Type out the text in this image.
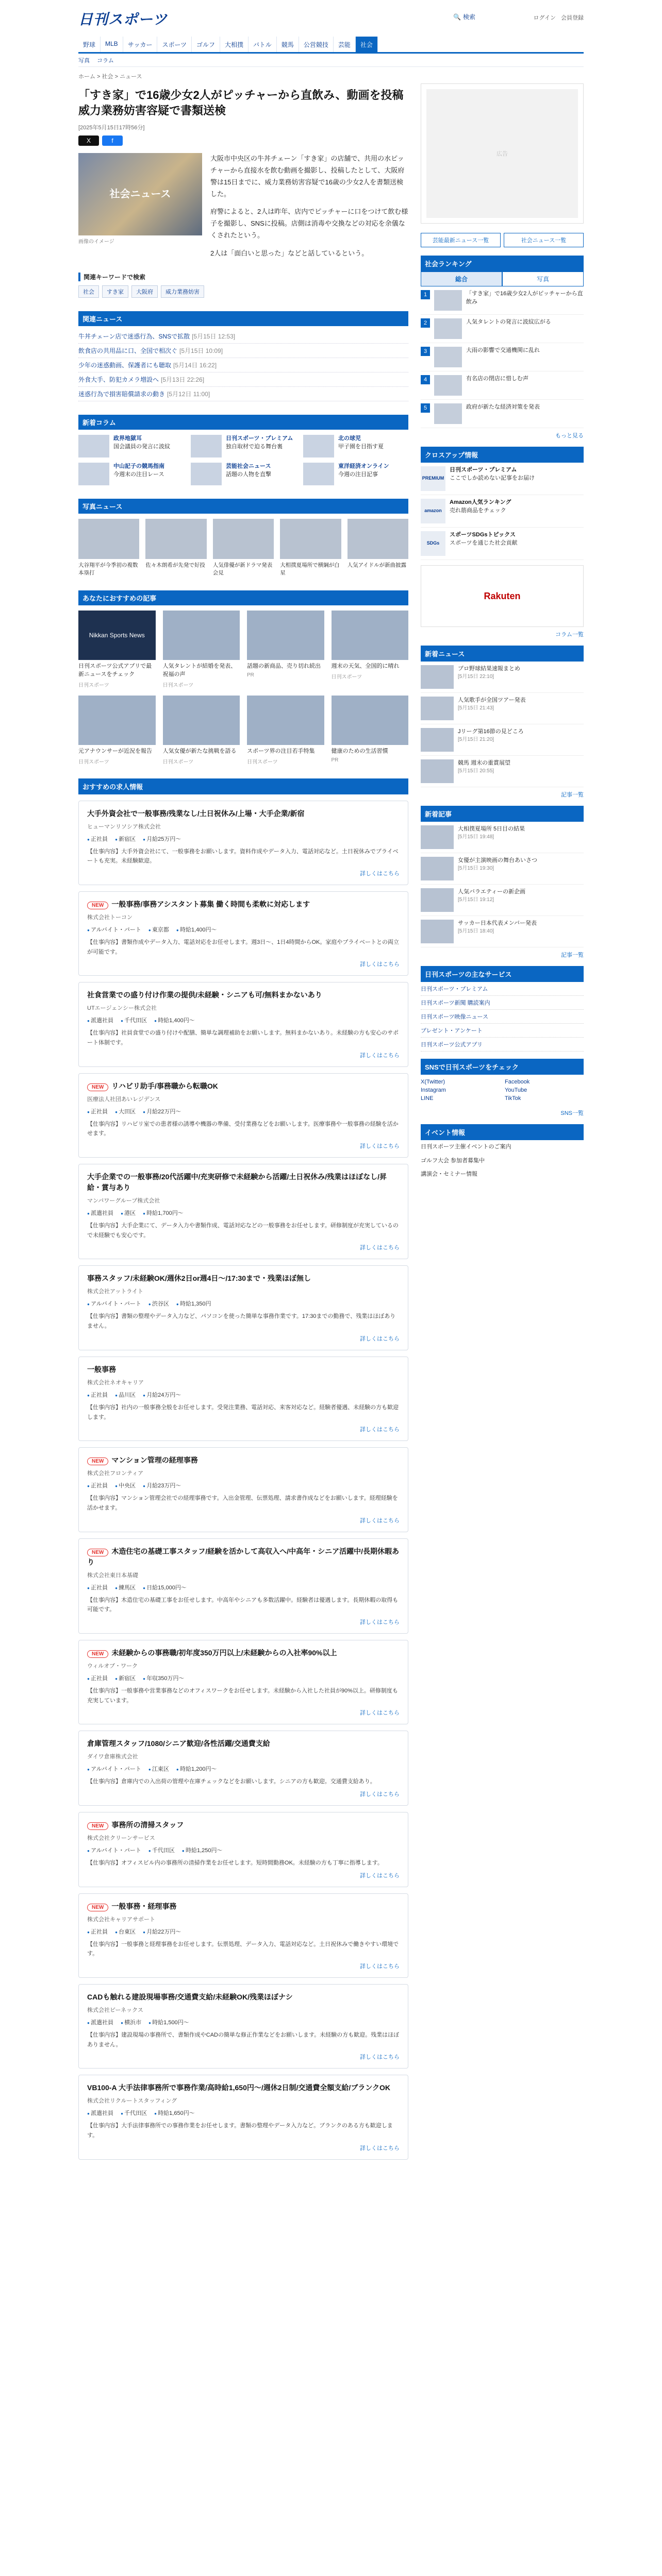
日刊スポーツ	🔍 検索	ログイン 会員登録
野球	MLB	サッカー	スポーツ	ゴルフ	大相撲	バトル	競馬	公営競技	芸能	社会
写真 コラム
ホーム > 社会 > ニュース
「すき家」で16歳少女2人がピッチャーから直飲み、動画を投稿 威力業務妨害容疑で書類送検
[2025年5月15日17時56分]
X	f
社会ニュース
画像のイメージ

大阪市中央区の牛丼チェーン「すき家」の店舗で、共用の水ピッチャーから直接水を飲む動画を撮影し、投稿したとして、大阪府警は15日までに、威力業務妨害容疑で16歳の少女2人を書類送検した。

府警によると、2人は昨年、店内でピッチャーに口をつけて飲む様子を撮影し、SNSに投稿。店側は消毒や交換などの対応を余儀なくされたという。

2人は「面白いと思った」などと話しているという。

関連キーワードで検索
社会	すき家	大阪府	威力業務妨害
関連ニュース
牛丼チェーン店で迷惑行為、SNSで拡散 [5月15日 12:53]
飲食店の共用品に口、全国で相次ぐ [5月15日 10:09]
少年の迷惑動画、保護者にも聴取 [5月14日 16:22]
外食大手、防犯カメラ増設へ [5月13日 22:26]
迷惑行為で損害賠償請求の動き [5月12日 11:00]
新着コラム
政界地獄耳
国会議員の発言に波紋
日刊スポーツ・プレミアム
独自取材で迫る舞台裏
北の球児
甲子園を目指す夏
中山記子の競馬指南
今週末の注目レース
芸能社会ニュース
話題の人物を直撃
東洋経済オンライン
今週の注目記事
写真ニュース
大谷翔平が今季初の複数本塁打
佐々木朗希が先発で好投 人気俳優が新ドラマ発表会見
大相撲夏場所で横綱が白星
人気アイドルが新曲披露
あなたにおすすめの記事
Nikkan Sports News
日刊スポーツ公式アプリで最新ニュースをチェック
日刊スポーツ
人気タレントが結婚を発表、祝福の声
日刊スポーツ
話題の新商品、売り切れ続出
PR
週末の天気、全国的に晴れ
日刊スポーツ
元アナウンサーが近況を報告
日刊スポーツ
人気女優が新たな挑戦を語る
日刊スポーツ
スポーツ界の注目若手特集
日刊スポーツ
健康のための生活習慣
PR
おすすめの求人情報
大手外資会社で一般事務/残業なし/土日祝休み/上場・大手企業/新宿
ヒューマンリソシア株式会社
● 正社員	● 新宿区	● 月給25万円〜
【仕事内容】大手外資会社にて、一般事務をお願いします。資料作成やデータ入力、電話対応など。土日祝休みでプライベートも充実。未経験歓迎。
詳しくはこちら
NEW 一般事務/事務アシスタント募集 働く時間も柔軟に対応します
株式会社トーコン
● アルバイト・パート	● 東京都	● 時給1,400円〜
【仕事内容】書類作成やデータ入力、電話対応をお任せします。週3日〜、1日4時間からOK。家庭やプライベートとの両立が可能です。
詳しくはこちら
社食営業での盛り付け作業の提供/未経験・シニアも可/無料まかないあり
UTエージェンシー株式会社
● 派遣社員	● 千代田区	● 時給1,400円〜
【仕事内容】社員食堂での盛り付けや配膳、簡単な調理補助をお願いします。無料まかないあり。未経験の方も安心のサポート体制です。
詳しくはこちら
NEW リハビリ助手/事務職から転職OK
医療法人社団あいレジデンス
● 正社員	● 大田区	● 月給22万円〜
【仕事内容】リハビリ室での患者様の誘導や機器の準備、受付業務などをお願いします。医療事務や一般事務の経験を活かせます。
詳しくはこちら
大手企業での一般事務/20代活躍中/充実研修で未経験から活躍/土日祝休み/残業はほぼなし/昇給・賞与あり
マンパワーグループ株式会社
● 派遣社員	● 港区	● 時給1,700円〜
【仕事内容】大手企業にて、データ入力や書類作成、電話対応などの一般事務をお任せします。研修制度が充実しているので未経験でも安心です。
詳しくはこちら
事務スタッフ/未経験OK/週休2日or週4日〜/17:30まで・残業ほぼ無し
株式会社アットライト
● アルバイト・パート	● 渋谷区	● 時給1,350円
【仕事内容】書類の整理やデータ入力など、パソコンを使った簡単な事務作業です。17:30までの勤務で、残業はほぼありません。
詳しくはこちら
一般事務
株式会社ネオキャリア
● 正社員	● 品川区	● 月給24万円〜
【仕事内容】社内の一般事務全般をお任せします。受発注業務、電話対応、来客対応など。経験者優遇、未経験の方も歓迎します。
詳しくはこちら
NEW マンション管理の経理事務
株式会社フロンティア
● 正社員	● 中央区	● 月給23万円〜
【仕事内容】マンション管理会社での経理事務です。入出金管理、伝票処理、請求書作成などをお願いします。経理経験を活かせます。
詳しくはこちら
NEW 木造住宅の基礎工事スタッフ/経験を活かして高収入へ/中高年・シニア活躍中/長期休暇あり
株式会社東日本基礎
● 正社員	● 練馬区	● 日給15,000円〜
【仕事内容】木造住宅の基礎工事をお任せします。中高年やシニアも多数活躍中。経験者は優遇します。長期休暇の取得も可能です。
詳しくはこちら
NEW 未経験からの事務職/初年度350万円以上/未経験からの入社率90%以上
ウィルオブ・ワーク
● 正社員	● 新宿区	● 年収350万円〜
【仕事内容】一般事務や営業事務などのオフィスワークをお任せします。未経験から入社した社員が90%以上。研修制度も充実しています。
詳しくはこちら
倉庫管理スタッフ/1080/シニア歓迎/各性活躍/交通費支給
ダイワ倉庫株式会社
● アルバイト・パート	● 江東区	● 時給1,200円〜
【仕事内容】倉庫内での入出荷の管理や在庫チェックなどをお願いします。シニアの方も歓迎。交通費支給あり。
詳しくはこちら
NEW 事務所の清掃スタッフ
株式会社クリーンサービス
● アルバイト・パート	● 千代田区	● 時給1,250円〜
【仕事内容】オフィスビル内の事務所の清掃作業をお任せします。短時間勤務OK。未経験の方も丁寧に指導します。
詳しくはこちら
NEW 一般事務・経理事務
株式会社キャリアサポート
● 正社員	● 台東区	● 月給22万円〜
【仕事内容】一般事務と経理事務をお任せします。伝票処理、データ入力、電話対応など。土日祝休みで働きやすい環境です。
詳しくはこちら
CADも触れる建設現場事務/交通費支給/未経験OK/残業ほぼナシ
株式会社ビーネックス
● 派遣社員	● 横浜市	● 時給1,500円〜
【仕事内容】建設現場の事務所で、書類作成やCADの簡単な修正作業などをお願いします。未経験の方も歓迎。残業はほぼありません。
詳しくはこちら
VB100-A 大手法律事務所で事務作業/高時給1,650円〜/週休2日制/交通費全額支給/ブランクOK
株式会社リクルートスタッフィング
● 派遣社員	● 千代田区	● 時給1,650円〜
【仕事内容】大手法律事務所での事務作業をお任せします。書類の整理やデータ入力など。ブランクのある方も歓迎します。
詳しくはこちら
広告
芸能最新ニュース一覧	社会ニュース一覧
社会ランキング
総合	写真
1	「すき家」で16歳少女2人がピッチャーから直飲み
2	人気タレントの発言に波紋広がる
3	大雨の影響で交通機関に乱れ
4	有名店の閉店に惜しむ声
5	政府が新たな経済対策を発表
もっと見る
クロスアップ情報
PREMIUM
日刊スポーツ・プレミアム
ここでしか読めない記事をお届け
amazon
Amazon人気ランキング
売れ筋商品をチェック
SDGs
スポーツSDGsトピックス
スポーツを通じた社会貢献
Rakuten
コラム一覧
新着ニュース
プロ野球結果速報まとめ
[5月15日 22:10]
人気歌手が全国ツアー発表
[5月15日 21:43]
Jリーグ第16節の見どころ
[5月15日 21:20]
競馬 週末の重賞展望
[5月15日 20:55]
記事一覧
新着記事
大相撲夏場所 5日目の結果
[5月15日 19:48]
女優が主演映画の舞台あいさつ
[5月15日 19:30]
人気バラエティーの新企画
[5月15日 19:12]
サッカー日本代表メンバー発表
[5月15日 18:40]
記事一覧
日刊スポーツの主なサービス
日刊スポーツ・プレミアム
日刊スポーツ新聞 購読案内
日刊スポーツ映像ニュース
プレゼント・アンケート
日刊スポーツ公式アプリ
SNSで日刊スポーツをチェック
X(Twitter)	Facebook
Instagram	YouTube
LINE	TikTok
SNS一覧
イベント情報
日刊スポーツ主催イベントのご案内
ゴルフ大会 参加者募集中
講演会・セミナー情報
